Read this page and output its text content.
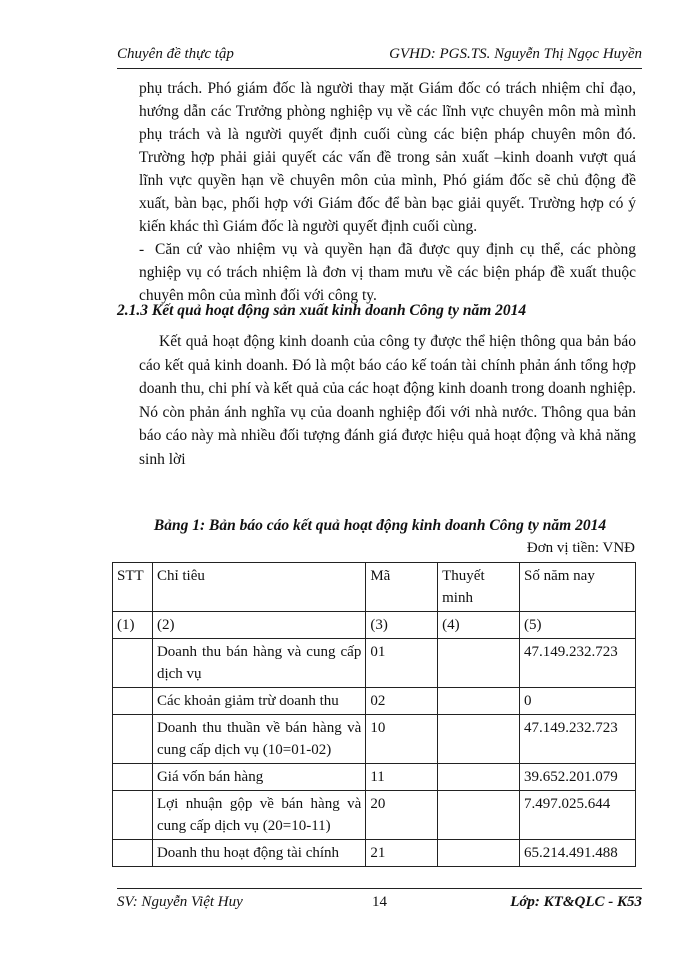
Chuyên đề thực tập	GVHD: PGS.TS. Nguyễn Thị Ngọc Huyền

phụ trách. Phó giám đốc là người thay mặt Giám đốc có trách nhiệm chỉ đạo, hướng dẫn các Trưởng phòng nghiệp vụ về các lĩnh vực chuyên môn mà mình phụ trách và là người quyết định cuối cùng các biện pháp chuyên môn đó. Trường hợp phải giải quyết các vấn đề trong sản xuất –kinh doanh vượt quá lĩnh vực quyền hạn về chuyên môn của mình, Phó giám đốc sẽ chủ động đề xuất, bàn bạc, phối hợp với Giám đốc để bàn bạc giải quyết. Trường hợp có ý kiến khác thì Giám đốc là người quyết định cuối cùng.

- Căn cứ vào nhiệm vụ và quyền hạn đã được quy định cụ thể, các phòng nghiệp vụ có trách nhiệm là đơn vị tham mưu về các biện pháp đề xuất thuộc chuyên môn của mình đối với công ty.

2.1.3 Kết quả hoạt động sản xuất kinh doanh Công ty năm 2014

Kết quả hoạt động kinh doanh của công ty được thể hiện thông qua bản báo cáo kết quả kinh doanh. Đó là một báo cáo kế toán tài chính phản ánh tổng hợp doanh thu, chi phí và kết quả của các hoạt động kinh doanh trong doanh nghiệp. Nó còn phản ánh nghĩa vụ của doanh nghiệp đối với nhà nước. Thông qua bản báo cáo này mà nhiều đối tượng đánh giá được hiệu quả hoạt động và khả năng sinh lời

Bảng 1: Bản báo cáo kết quả hoạt động kinh doanh Công ty năm 2014
Đơn vị tiền: VNĐ
STT	Chỉ tiêu	Mã	Thuyết minh	Số năm nay
(1)	(2)	(3)	(4)	(5)
	Doanh thu bán hàng và cung cấp dịch vụ	01		47.149.232.723
	Các khoản giảm trừ doanh thu	02		0
	Doanh thu thuần về bán hàng và cung cấp dịch vụ (10=01-02)	10		47.149.232.723
	Giá vốn bán hàng	11		39.652.201.079
	Lợi nhuận gộp về bán hàng và cung cấp dịch vụ (20=10-11)	20		7.497.025.644
	Doanh thu hoạt động tài chính	21		65.214.491.488
SV: Nguyễn Việt Huy	14	Lớp: KT&QLC - K53
